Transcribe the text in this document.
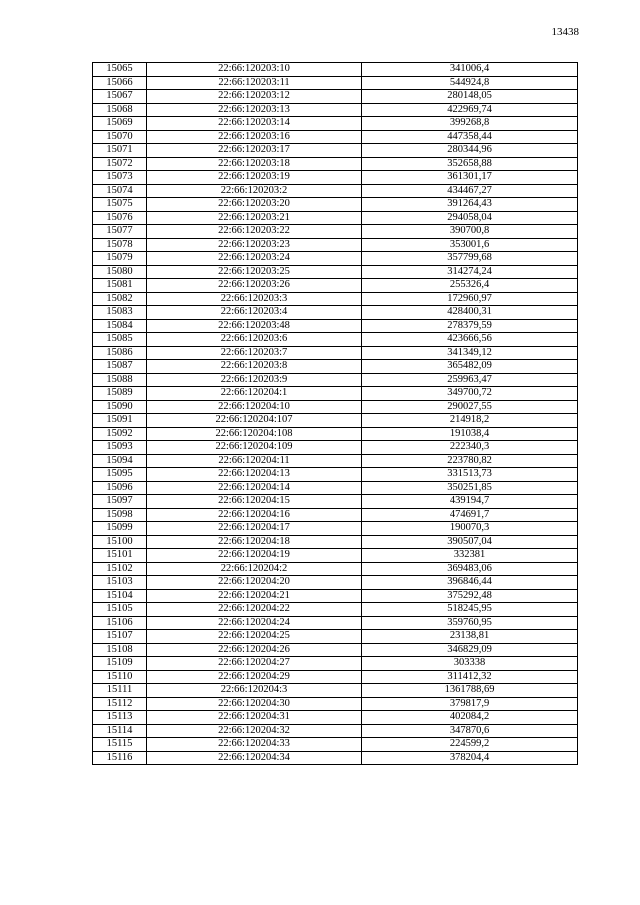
13438
15065	22:66:120203:10	341006,4
15066	22:66:120203:11	544924,8
15067	22:66:120203:12	280148,05
15068	22:66:120203:13	422969,74
15069	22:66:120203:14	399268,8
15070	22:66:120203:16	447358,44
15071	22:66:120203:17	280344,96
15072	22:66:120203:18	352658,88
15073	22:66:120203:19	361301,17
15074	22:66:120203:2	434467,27
15075	22:66:120203:20	391264,43
15076	22:66:120203:21	294058,04
15077	22:66:120203:22	390700,8
15078	22:66:120203:23	353001,6
15079	22:66:120203:24	357799,68
15080	22:66:120203:25	314274,24
15081	22:66:120203:26	255326,4
15082	22:66:120203:3	172960,97
15083	22:66:120203:4	428400,31
15084	22:66:120203:48	278379,59
15085	22:66:120203:6	423666,56
15086	22:66:120203:7	341349,12
15087	22:66:120203:8	365482,09
15088	22:66:120203:9	259963,47
15089	22:66:120204:1	349700,72
15090	22:66:120204:10	290027,55
15091	22:66:120204:107	214918,2
15092	22:66:120204:108	191038,4
15093	22:66:120204:109	222340,3
15094	22:66:120204:11	223780,82
15095	22:66:120204:13	331513,73
15096	22:66:120204:14	350251,85
15097	22:66:120204:15	439194,7
15098	22:66:120204:16	474691,7
15099	22:66:120204:17	190070,3
15100	22:66:120204:18	390507,04
15101	22:66:120204:19	332381
15102	22:66:120204:2	369483,06
15103	22:66:120204:20	396846,44
15104	22:66:120204:21	375292,48
15105	22:66:120204:22	518245,95
15106	22:66:120204:24	359760,95
15107	22:66:120204:25	23138,81
15108	22:66:120204:26	346829,09
15109	22:66:120204:27	303338
15110	22:66:120204:29	311412,32
15111	22:66:120204:3	1361788,69
15112	22:66:120204:30	379817,9
15113	22:66:120204:31	402084,2
15114	22:66:120204:32	347870,6
15115	22:66:120204:33	224599,2
15116	22:66:120204:34	378204,4
